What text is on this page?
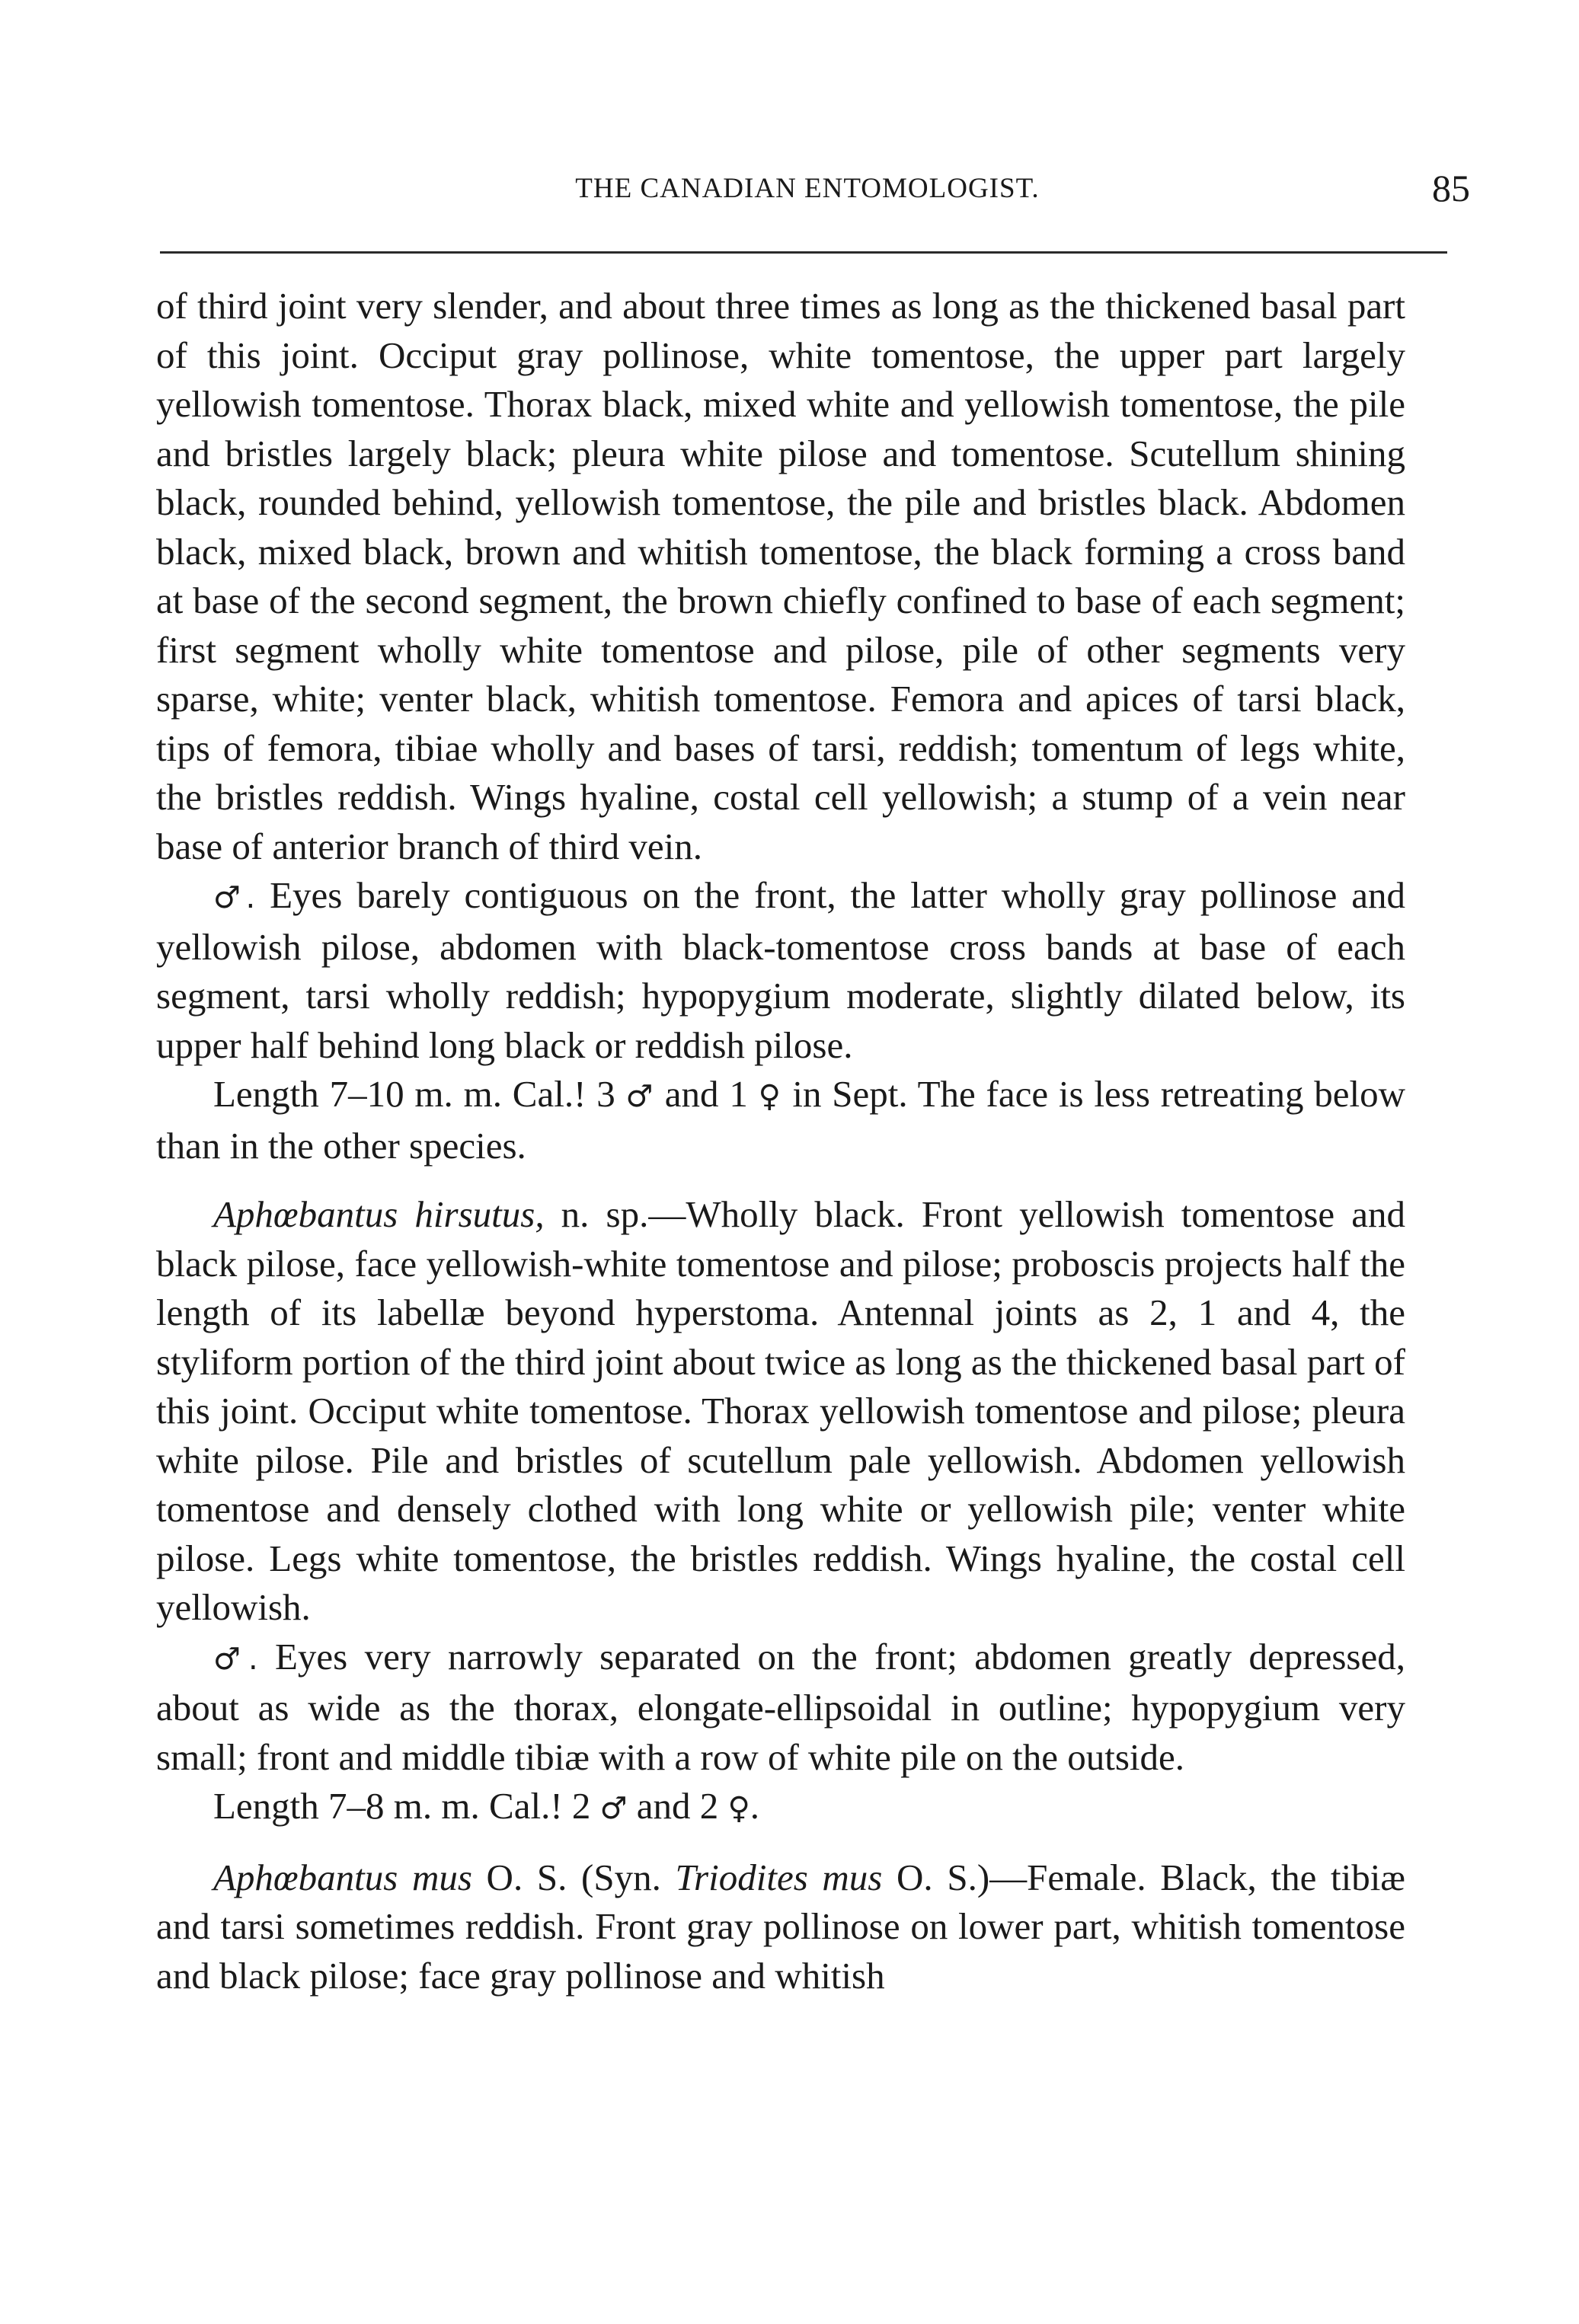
THE CANADIAN ENTOMOLOGIST.	85

of third joint very slender, and about three times as long as the thickened basal part of this joint. Occiput gray pollinose, white tomentose, the upper part largely yellowish tomentose. Thorax black, mixed white and yellowish tomentose, the pile and bristles largely black; pleura white pilose and tomentose. Scutellum shining black, rounded behind, yellowish tomentose, the pile and bristles black. Abdomen black, mixed black, brown and whitish tomentose, the black forming a cross band at base of the second segment, the brown chiefly confined to base of each segment; first segment wholly white tomentose and pilose, pile of other segments very sparse, white; venter black, whitish tomentose. Femora and apices of tarsi black, tips of femora, tibiae wholly and bases of tarsi, reddish; tomentum of legs white, the bristles reddish. Wings hyaline, costal cell yellowish; a stump of a vein near base of anterior branch of third vein.

♂. Eyes barely contiguous on the front, the latter wholly gray pollinose and yellowish pilose, abdomen with black-tomentose cross bands at base of each segment, tarsi wholly reddish; hypopygium moderate, slightly dilated below, its upper half behind long black or reddish pilose.

Length 7–10 m. m. Cal.! 3 ♂ and 1 ♀ in Sept. The face is less retreating below than in the other species.

Aphœbantus hirsutus, n. sp.—Wholly black. Front yellowish tomentose and black pilose, face yellowish-white tomentose and pilose; proboscis projects half the length of its labellæ beyond hyperstoma. Antennal joints as 2, 1 and 4, the styliform portion of the third joint about twice as long as the thickened basal part of this joint. Occiput white tomentose. Thorax yellowish tomentose and pilose; pleura white pilose. Pile and bristles of scutellum pale yellowish. Abdomen yellowish tomentose and densely clothed with long white or yellowish pile; venter white pilose. Legs white tomentose, the bristles reddish. Wings hyaline, the costal cell yellowish.

♂. Eyes very narrowly separated on the front; abdomen greatly depressed, about as wide as the thorax, elongate-ellipsoidal in outline; hypopygium very small; front and middle tibiæ with a row of white pile on the outside.

Length 7–8 m. m. Cal.! 2 ♂ and 2 ♀.

Aphœbantus mus O. S. (Syn. Triodites mus O. S.)—Female. Black, the tibiæ and tarsi sometimes reddish. Front gray pollinose on lower part, whitish tomentose and black pilose; face gray pollinose and whitish
